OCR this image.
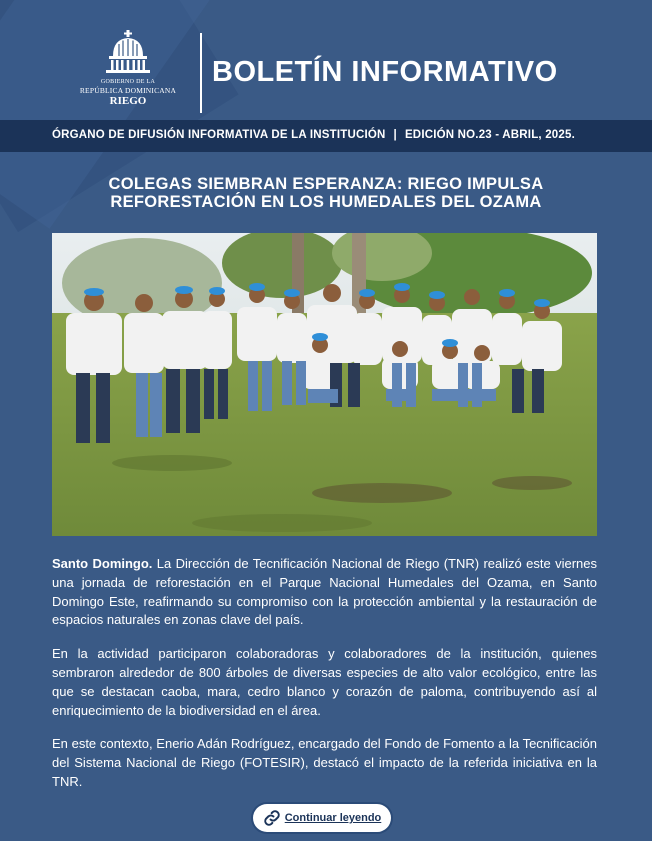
GOBIERNO DE LA
REPÚBLICA DOMINICANA
RIEGO
BOLETÍN INFORMATIVO
ÓRGANO DE DIFUSIÓN INFORMATIVA DE LA INSTITUCIÓN | EDICIÓN NO.23 - ABRIL, 2025.
COLEGAS SIEMBRAN ESPERANZA: RIEGO IMPULSA
REFORESTACIÓN EN LOS HUMEDALES DEL OZAMA

Santo Domingo. La Dirección de Tecnificación Nacional de Riego (TNR) realizó este viernes una jornada de reforestación en el Parque Nacional Humedales del Ozama, en Santo Domingo Este, reafirmando su compromiso con la protección ambiental y la restauración de espacios naturales en zonas clave del país.

En la actividad participaron colaboradoras y colaboradores de la institución, quienes sembraron alrededor de 800 árboles de diversas especies de alto valor ecológico, entre las que se destacan caoba, mara, cedro blanco y corazón de paloma, contribuyendo así al enriquecimiento de la biodiversidad en el área.

En este contexto, Enerio Adán Rodríguez, encargado del Fondo de Fomento a la Tecnificación del Sistema Nacional de Riego (FOTESIR), destacó el impacto de la referida iniciativa en la TNR.

Continuar leyendo
